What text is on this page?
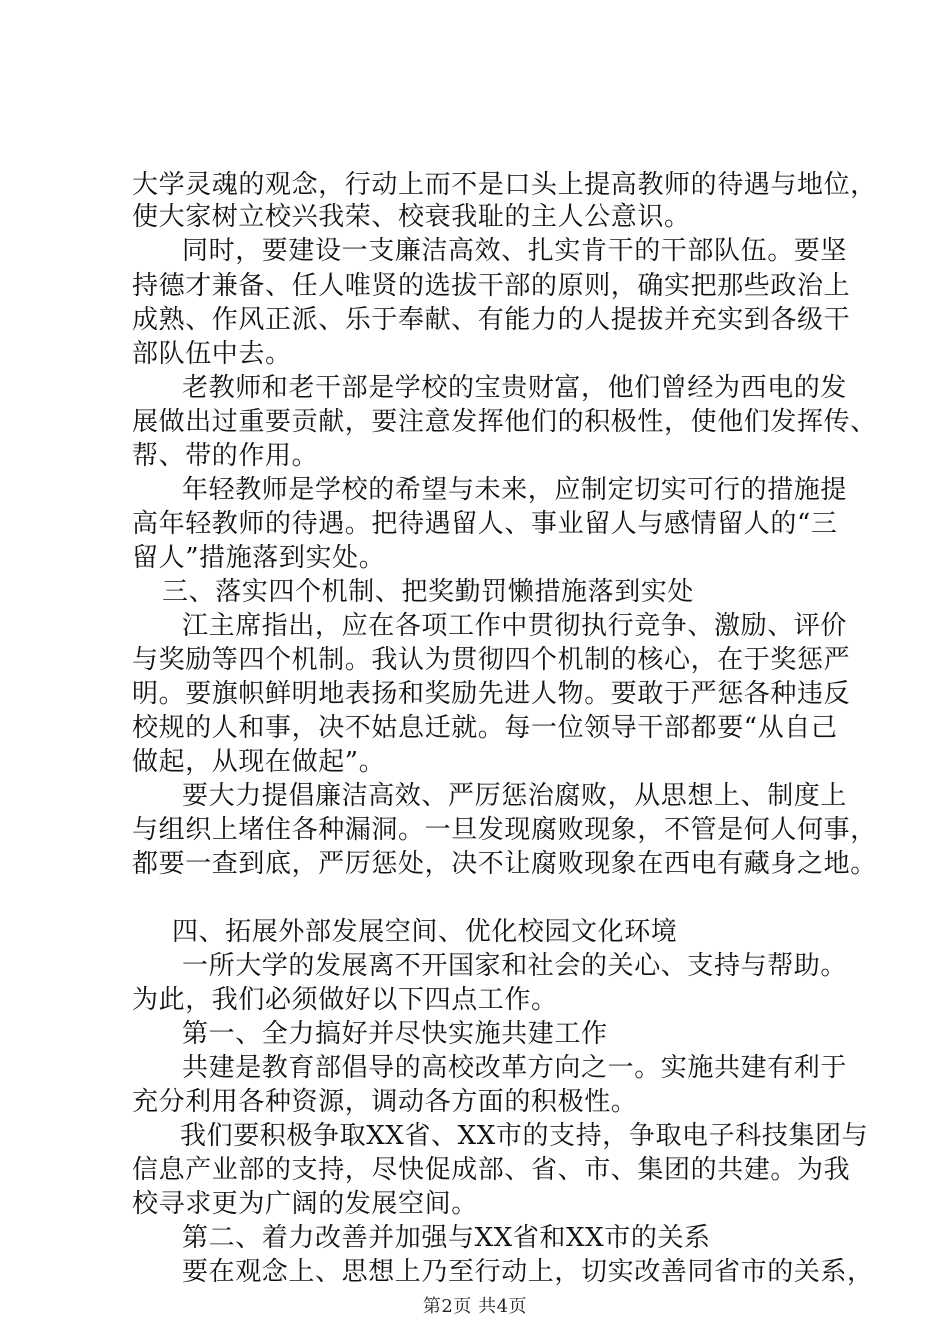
大学灵魂的观念，行动上而不是口头上提高教师的待遇与地位，
使大家树立校兴我荣、校衰我耻的主人公意识。
同时，要建设一支廉洁高效、扎实肯干的干部队伍。要坚
持德才兼备、任人唯贤的选拔干部的原则，确实把那些政治上
成熟、作风正派、乐于奉献、有能力的人提拔并充实到各级干
部队伍中去。
老教师和老干部是学校的宝贵财富，他们曾经为西电的发
展做出过重要贡献，要注意发挥他们的积极性，使他们发挥传、
帮、带的作用。
年轻教师是学校的希望与未来，应制定切实可行的措施提
高年轻教师的待遇。把待遇留人、事业留人与感情留人的“三
留人”措施落到实处。
三、落实四个机制、把奖勤罚懒措施落到实处
江主席指出，应在各项工作中贯彻执行竞争、激励、评价
与奖励等四个机制。我认为贯彻四个机制的核心，在于奖惩严
明。要旗帜鲜明地表扬和奖励先进人物。要敢于严惩各种违反
校规的人和事，决不姑息迁就。每一位领导干部都要“从自己
做起，从现在做起”。
要大力提倡廉洁高效、严厉惩治腐败，从思想上、制度上
与组织上堵住各种漏洞。一旦发现腐败现象，不管是何人何事，
都要一查到底，严厉惩处，决不让腐败现象在西电有藏身之地。
四、拓展外部发展空间、优化校园文化环境
一所大学的发展离不开国家和社会的关心、支持与帮助。
为此，我们必须做好以下四点工作。
第一、全力搞好并尽快实施共建工作
共建是教育部倡导的高校改革方向之一。实施共建有利于
充分利用各种资源，调动各方面的积极性。
我们要积极争取XX省、XX市的支持，争取电子科技集团与
信息产业部的支持，尽快促成部、省、市、集团的共建。为我
校寻求更为广阔的发展空间。
第二、着力改善并加强与XX省和XX市的关系
要在观念上、思想上乃至行动上，切实改善同省市的关系，
第2页 共4页
